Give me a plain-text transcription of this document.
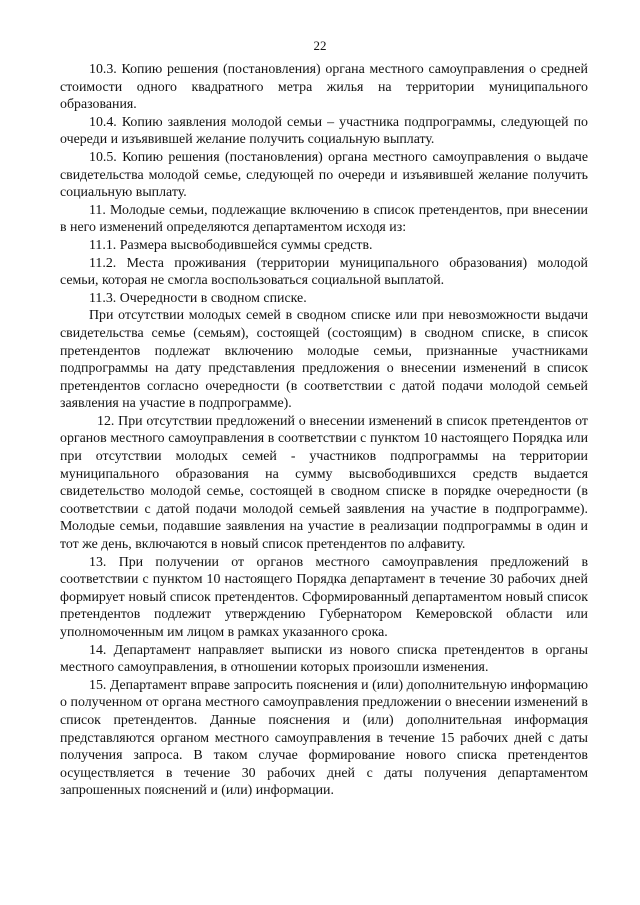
22

10.3. Копию решения (постановления) органа местного самоуправления о средней стоимости одного квадратного метра жилья на территории муниципального образования.

10.4. Копию заявления молодой семьи – участника подпрограммы, следующей по очереди и изъявившей желание получить социальную выплату.

10.5. Копию решения (постановления) органа местного самоуправления о выдаче свидетельства молодой семье, следующей по очереди и изъявившей желание получить социальную выплату.

11. Молодые семьи, подлежащие включению в список претендентов, при внесении в него изменений определяются департаментом исходя из:

11.1. Размера высвободившейся суммы средств.

11.2. Места проживания (территории муниципального образования) молодой семьи, которая не смогла воспользоваться социальной выплатой.

11.3. Очередности в сводном списке.

При отсутствии молодых семей в сводном списке или при невозможности выдачи свидетельства семье (семьям), состоящей (состоящим) в сводном списке, в список претендентов подлежат включению молодые семьи, признанные участниками подпрограммы на дату представления предложения о внесении изменений в список претендентов согласно очередности (в соответствии с датой подачи молодой семьей заявления на участие в подпрограмме).

12. При отсутствии предложений о внесении изменений в список претендентов от органов местного самоуправления в соответствии с пунктом 10 настоящего Порядка или при отсутствии молодых семей - участников подпрограммы на территории муниципального образования на сумму высвободившихся средств выдается свидетельство молодой семье, состоящей в сводном списке в порядке очередности (в соответствии с датой подачи молодой семьей заявления на участие в подпрограмме). Молодые семьи, подавшие заявления на участие в реализации подпрограммы в один и тот же день, включаются в новый список претендентов по алфавиту.

13. При получении от органов местного самоуправления предложений в соответствии с пунктом 10 настоящего Порядка департамент в течение 30 рабочих дней формирует новый список претендентов. Сформированный департаментом новый список претендентов подлежит утверждению Губернатором Кемеровской области или уполномоченным им лицом в рамках указанного срока.

14. Департамент направляет выписки из нового списка претендентов в органы местного самоуправления, в отношении которых произошли изменения.

15. Департамент вправе запросить пояснения и (или) дополнительную информацию о полученном от органа местного самоуправления предложении о внесении изменений в список претендентов. Данные пояснения и (или) дополнительная информация представляются органом местного самоуправления в течение 15 рабочих дней с даты получения запроса. В таком случае формирование нового списка претендентов осуществляется в течение 30 рабочих дней с даты получения департаментом запрошенных пояснений и (или) информации.
